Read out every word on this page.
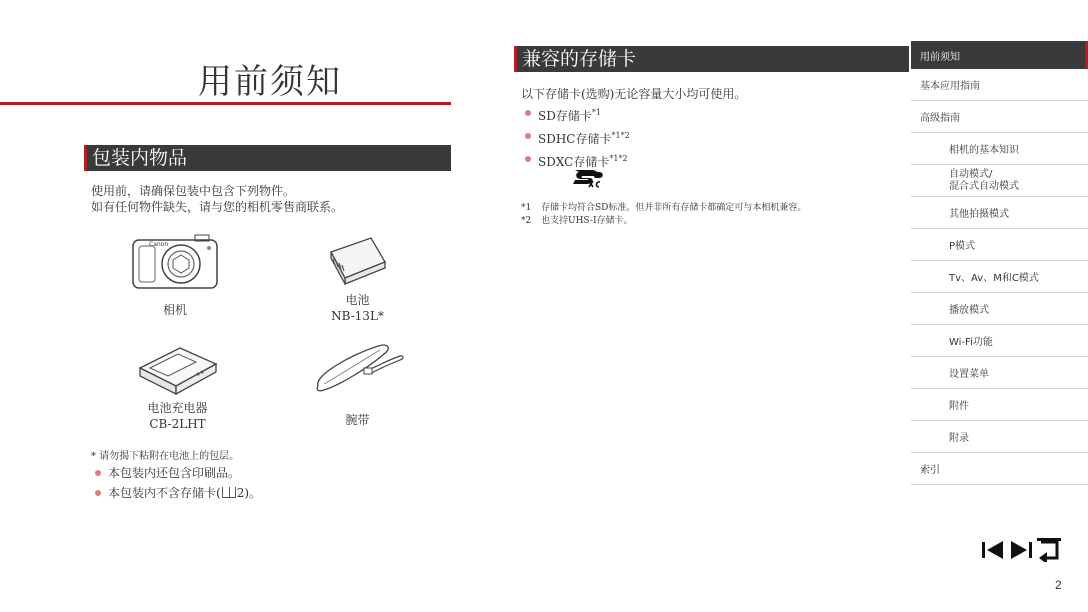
用前须知
包装内物品
使用前，请确保包装中包含下列物件。
如有任何物件缺失，请与您的相机零售商联系。
Canon
相机
电池
NB-13L*
电池充电器
CB-2LHT	腕带
* 请勿揭下粘附在电池上的包层。
本包装内还包含印刷品。
本包装内不含存储卡( 2)。
兼容的存储卡
以下存储卡(选购)无论容量大小均可使用。
SD存储卡$^{*1}$
SDHC存储卡$^{*1*2}$
SDXC存储卡$^{*1*2}$
*1 存储卡均符合SD标准。但并非所有存储卡都确定可与本相机兼容。
*2 也支持UHS-I存储卡。
用前须知
基本应用指南
高级指南
相机的基本知识
自动模式/
混合式自动模式
其他拍摄模式
P模式
Tv、Av、M和C模式
播放模式
Wi-Fi功能
设置菜单
附件
附录
索引
2
